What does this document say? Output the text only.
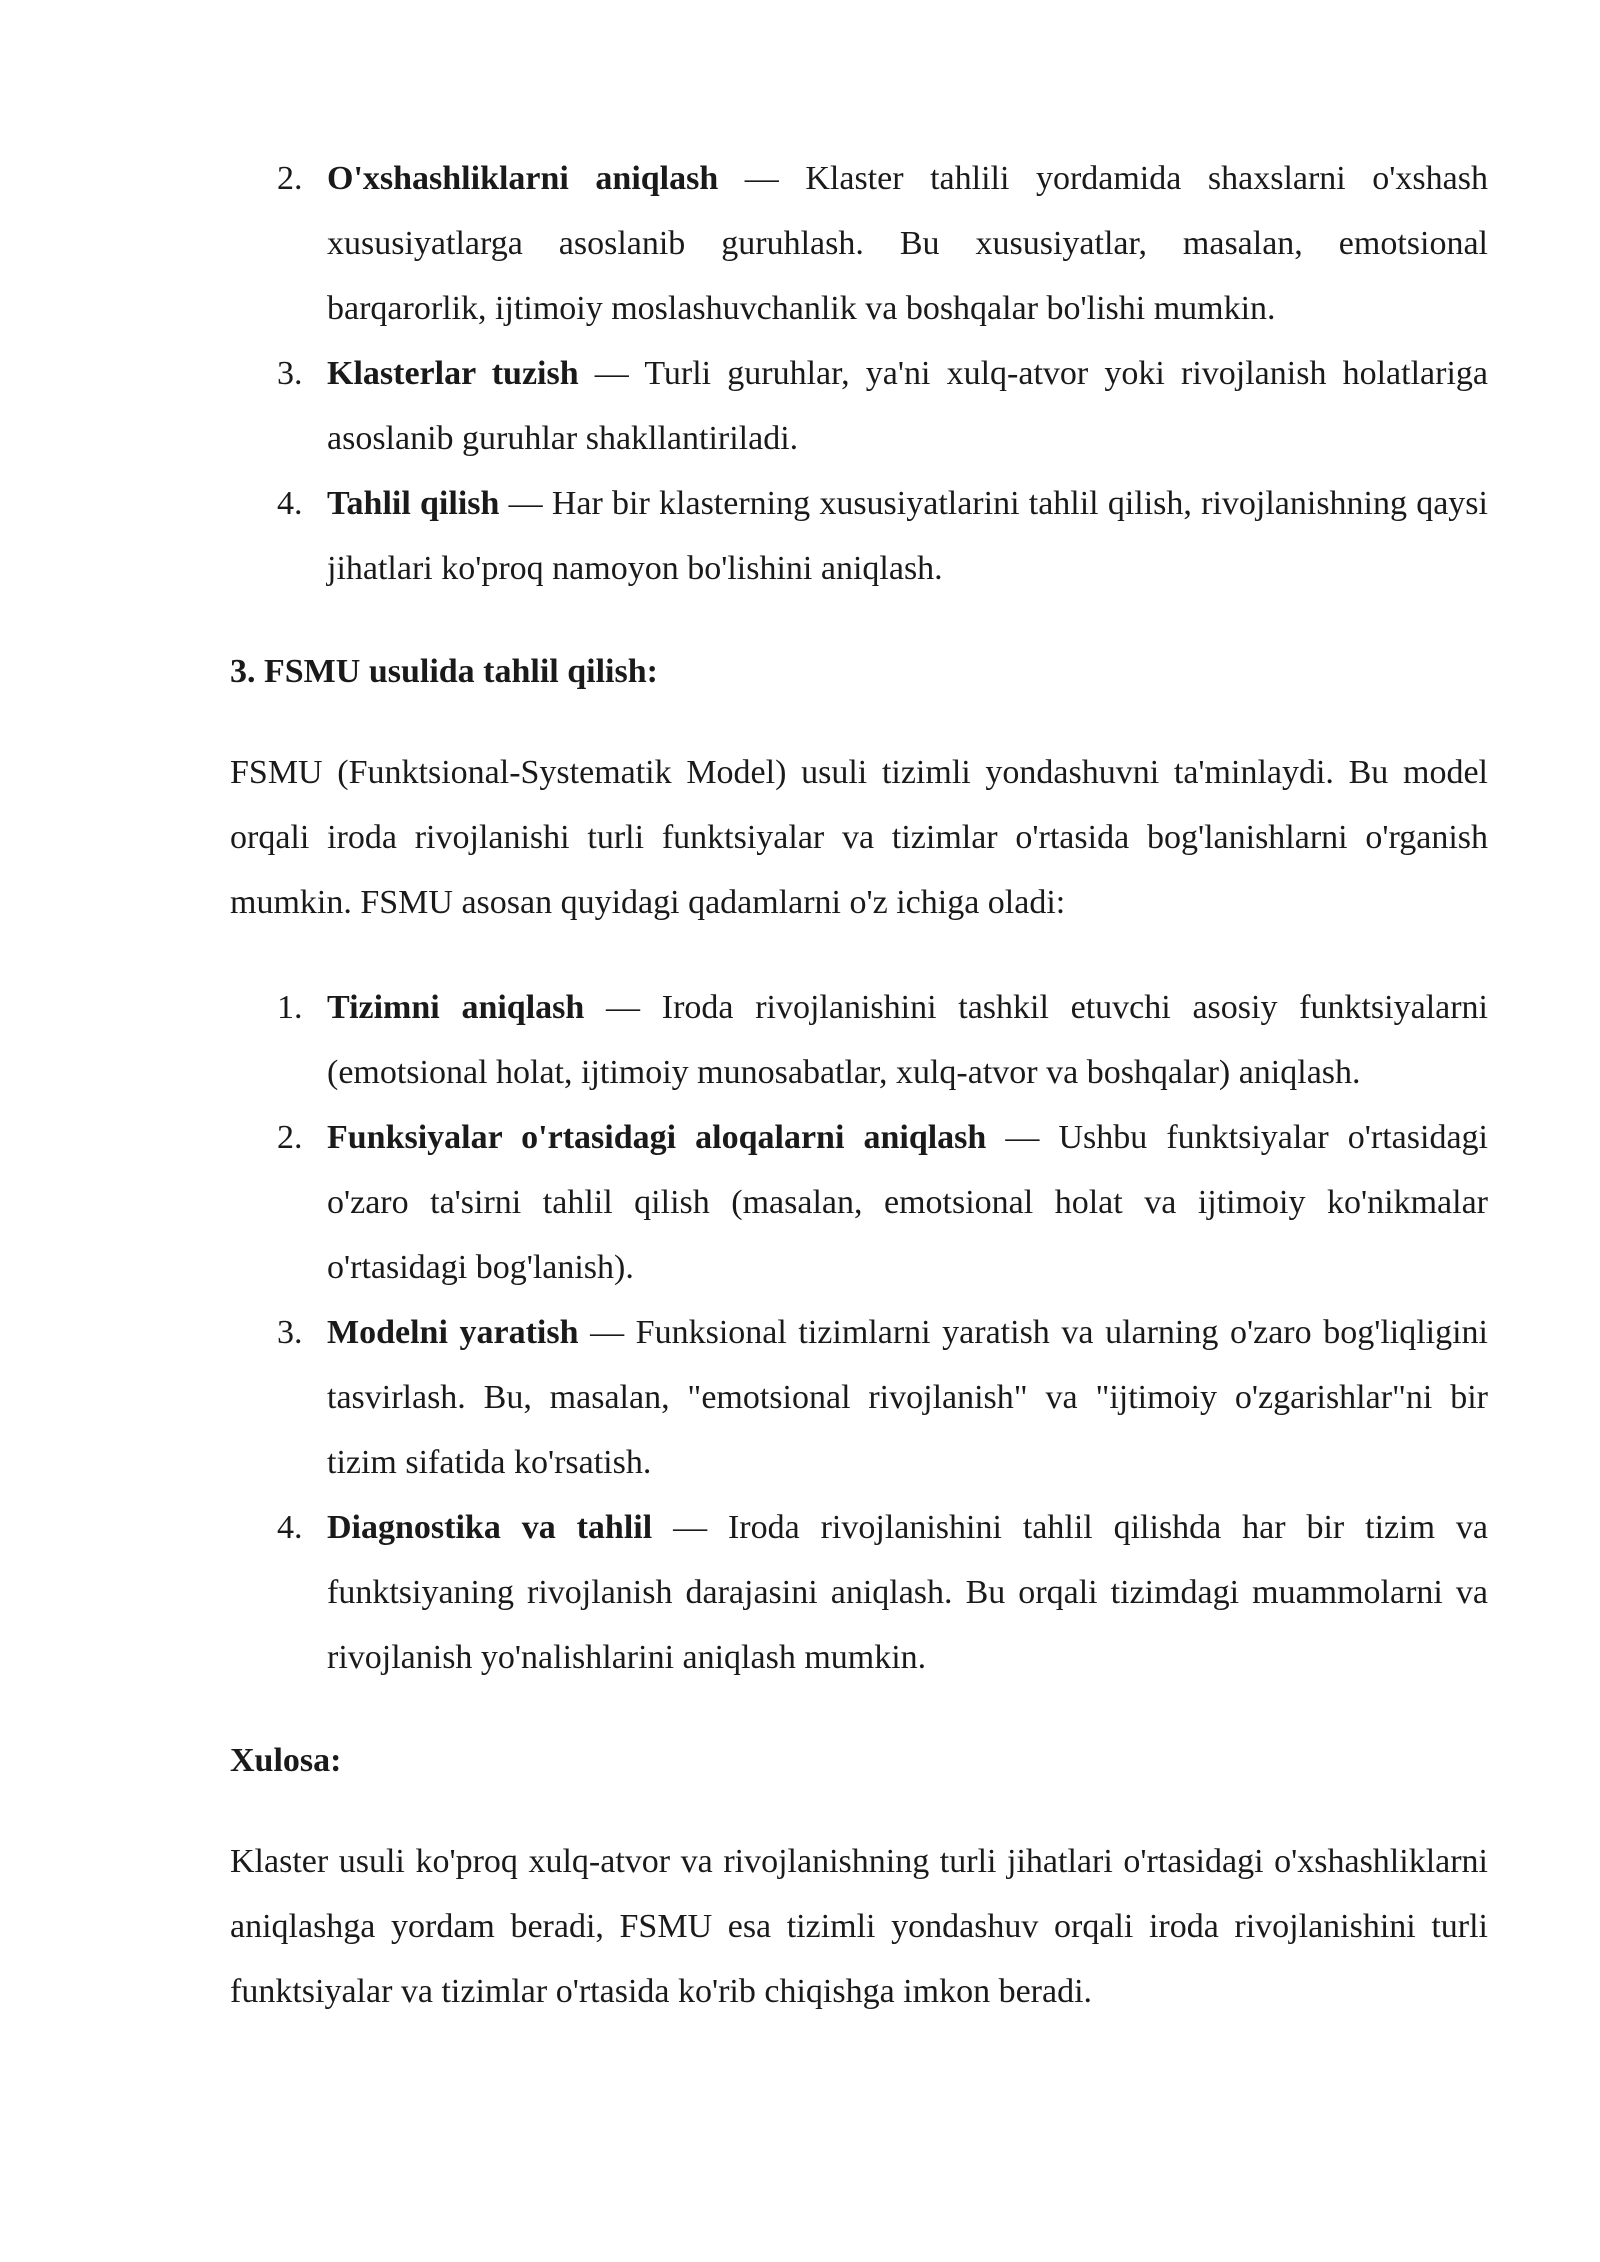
2. O'xshashliklarni aniqlash — Klaster tahlili yordamida shaxslarni o'xshash xususiyatlarga asoslanib guruhlash. Bu xususiyatlar, masalan, emotsional barqarorlik, ijtimoiy moslashuvchanlik va boshqalar bo'lishi mumkin.
3. Klasterlar tuzish — Turli guruhlar, ya'ni xulq-atvor yoki rivojlanish holatlariga asoslanib guruhlar shakllantiriladi.
4. Tahlil qilish — Har bir klasterning xususiyatlarini tahlil qilish, rivojlanishning qaysi jihatlari ko'proq namoyon bo'lishini aniqlash.

3. FSMU usulida tahlil qilish:

FSMU (Funktsional-Systematik Model) usuli tizimli yondashuvni ta'minlaydi. Bu model orqali iroda rivojlanishi turli funktsiyalar va tizimlar o'rtasida bog'lanishlarni o'rganish mumkin. FSMU asosan quyidagi qadamlarni o'z ichiga oladi:

1. Tizimni aniqlash — Iroda rivojlanishini tashkil etuvchi asosiy funktsiyalarni (emotsional holat, ijtimoiy munosabatlar, xulq-atvor va boshqalar) aniqlash.
2. Funksiyalar o'rtasidagi aloqalarni aniqlash — Ushbu funktsiyalar o'rtasidagi o'zaro ta'sirni tahlil qilish (masalan, emotsional holat va ijtimoiy ko'nikmalar o'rtasidagi bog'lanish).
3. Modelni yaratish — Funksional tizimlarni yaratish va ularning o'zaro bog'liqligini tasvirlash. Bu, masalan, "emotsional rivojlanish" va "ijtimoiy o'zgarishlar"ni bir tizim sifatida ko'rsatish.
4. Diagnostika va tahlil — Iroda rivojlanishini tahlil qilishda har bir tizim va funktsiyaning rivojlanish darajasini aniqlash. Bu orqali tizimdagi muammolarni va rivojlanish yo'nalishlarini aniqlash mumkin.

Xulosa:

Klaster usuli ko'proq xulq-atvor va rivojlanishning turli jihatlari o'rtasidagi o'xshashliklarni aniqlashga yordam beradi, FSMU esa tizimli yondashuv orqali iroda rivojlanishini turli funktsiyalar va tizimlar o'rtasida ko'rib chiqishga imkon beradi.
